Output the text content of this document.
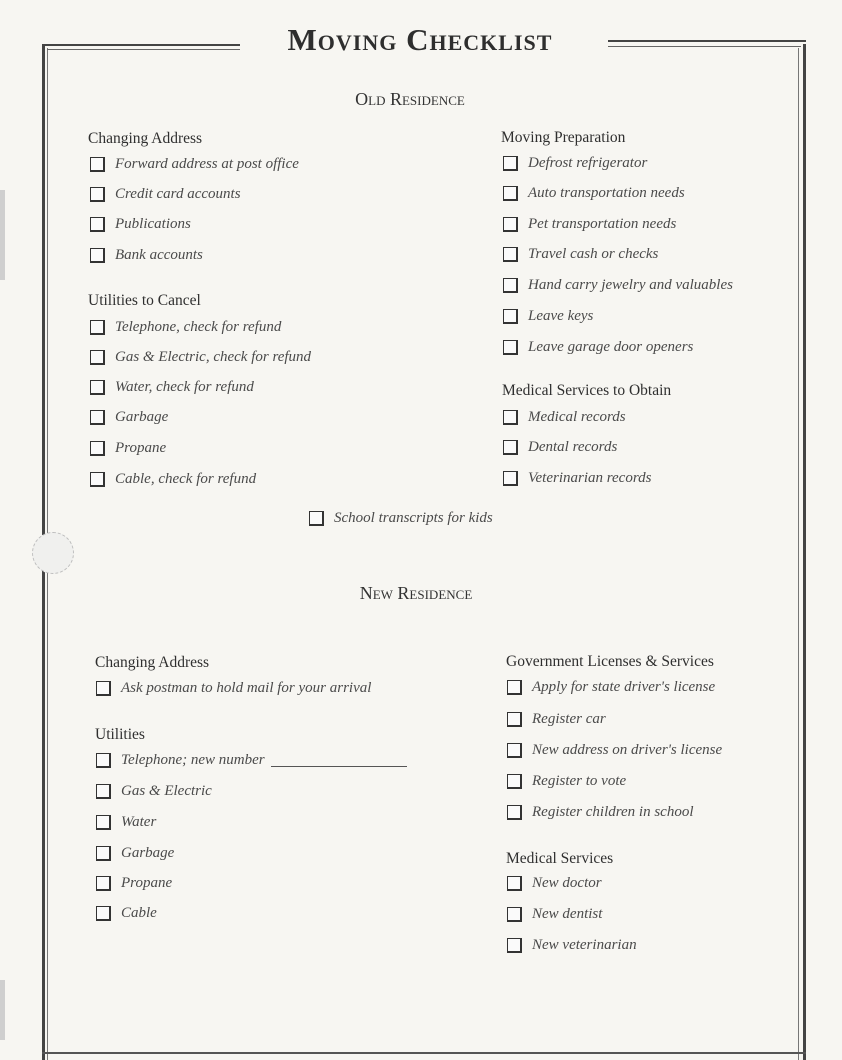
Moving Checklist
Old Residence
Changing Address
Forward address at post office
Credit card accounts
Publications
Bank accounts
Utilities to Cancel
Telephone, check for refund
Gas & Electric, check for refund
Water, check for refund
Garbage
Propane
Cable, check for refund
Moving Preparation
Defrost refrigerator
Auto transportation needs
Pet transportation needs
Travel cash or checks
Hand carry jewelry and valuables
Leave keys
Leave garage door openers
Medical Services to Obtain
Medical records
Dental records
Veterinarian records
School transcripts for kids
New Residence
Changing Address
Ask postman to hold mail for your arrival
Utilities
Telephone; new number
Gas & Electric
Water
Garbage
Propane
Cable
Government Licenses & Services
Apply for state driver's license
Register car
New address on driver's license
Register to vote
Register children in school
Medical Services
New doctor
New dentist
New veterinarian
